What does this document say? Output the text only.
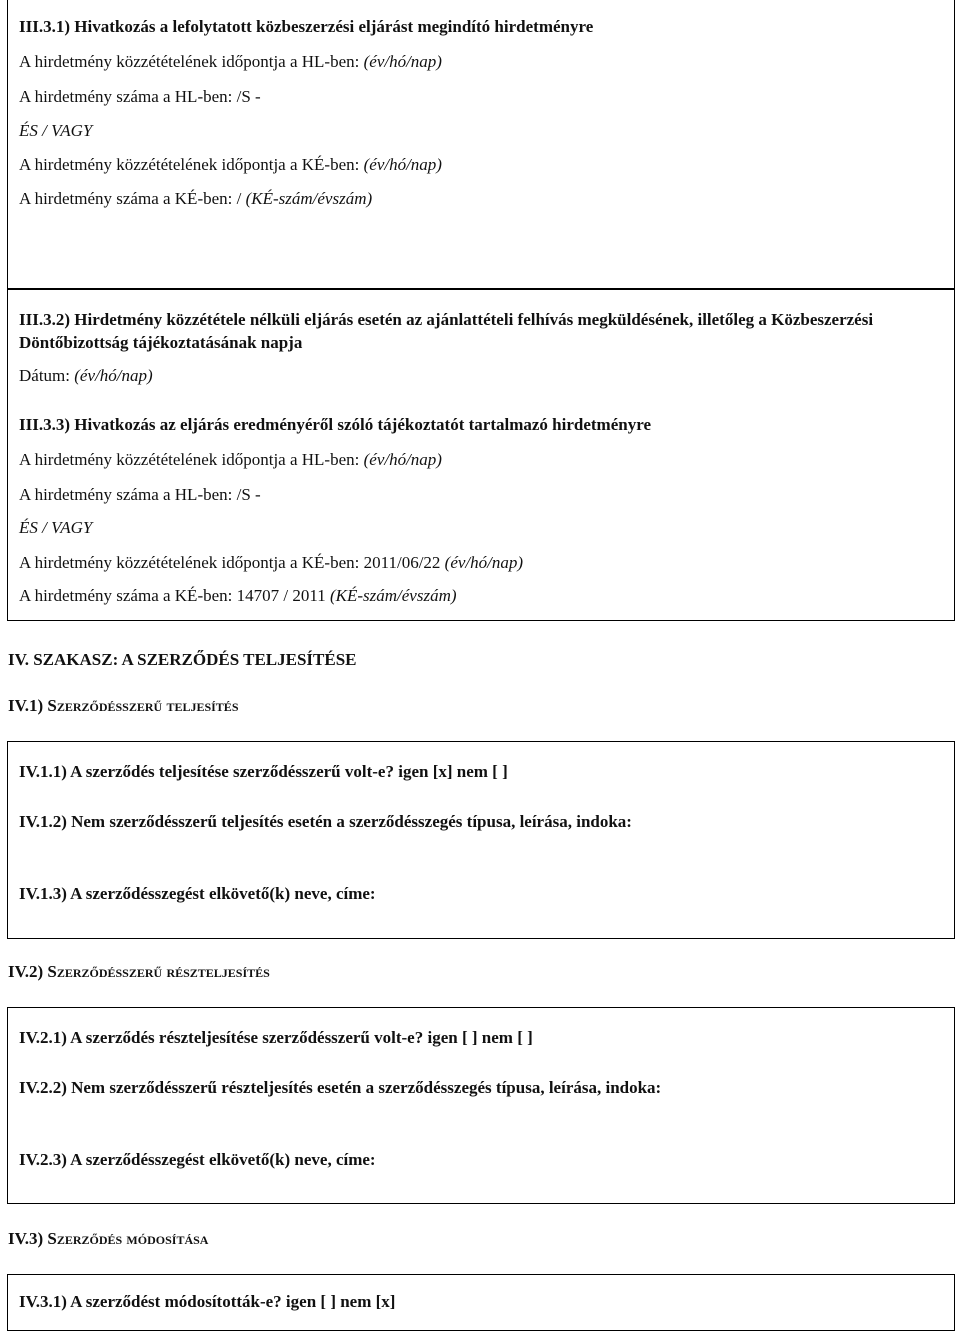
III.3.1) Hivatkozás a lefolytatott közbeszerzési eljárást megindító hirdetményre
A hirdetmény közzétételének időpontja a HL-ben: (év/hó/nap)
A hirdetmény száma a HL-ben: /S -
ÉS / VAGY
A hirdetmény közzétételének időpontja a KÉ-ben: (év/hó/nap)
A hirdetmény száma a KÉ-ben: / (KÉ-szám/évszám)
III.3.2) Hirdetmény közzététele nélküli eljárás esetén az ajánlattételi felhívás megküldésének, illetőleg a Közbeszerzési Döntőbizottság tájékoztatásának napja
Dátum: (év/hó/nap)
III.3.3) Hivatkozás az eljárás eredményéről szóló tájékoztatót tartalmazó hirdetményre
A hirdetmény közzétételének időpontja a HL-ben: (év/hó/nap)
A hirdetmény száma a HL-ben: /S -
ÉS / VAGY
A hirdetmény közzétételének időpontja a KÉ-ben: 2011/06/22 (év/hó/nap)
A hirdetmény száma a KÉ-ben: 14707 / 2011 (KÉ-szám/évszám)
IV. SZAKASZ: A SZERZŐDÉS TELJESÍTÉSE
IV.1) Szerződésszerű teljesítés
IV.1.1) A szerződés teljesítése szerződésszerű volt-e? igen [x] nem [ ]
IV.1.2) Nem szerződésszerű teljesítés esetén a szerződésszegés típusa, leírása, indoka:
IV.1.3) A szerződésszegést elkövető(k) neve, címe:
IV.2) Szerződésszerű részteljesítés
IV.2.1) A szerződés részteljesítése szerződésszerű volt-e? igen [ ] nem [ ]
IV.2.2) Nem szerződésszerű részteljesítés esetén a szerződésszegés típusa, leírása, indoka:
IV.2.3) A szerződésszegést elkövető(k) neve, címe:
IV.3) Szerződés módosítása
IV.3.1) A szerződést módosították-e? igen [ ] nem [x]
